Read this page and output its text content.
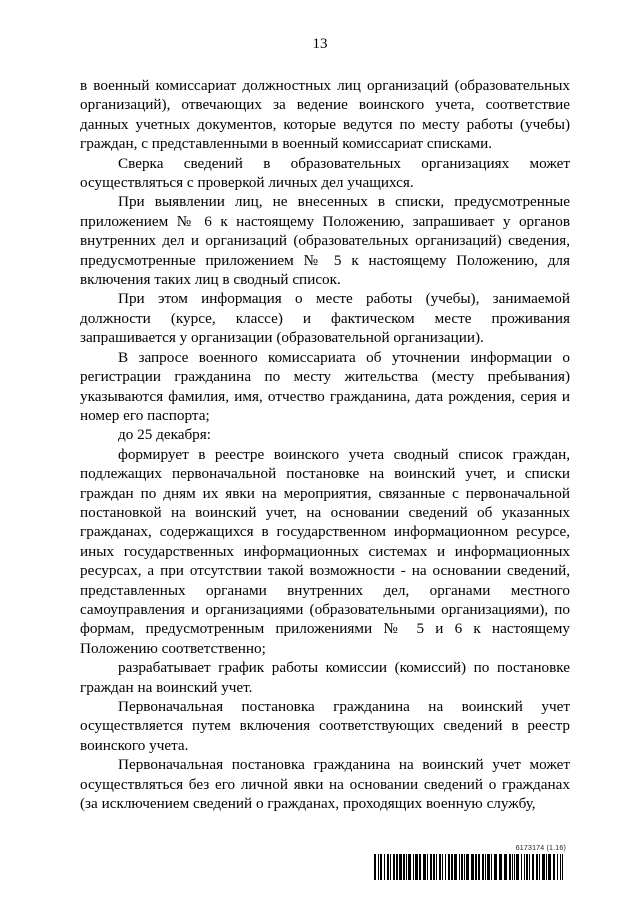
13

в военный комиссариат должностных лиц организаций (образовательных организаций), отвечающих за ведение воинского учета, соответствие данных учетных документов, которые ведутся по месту работы (учебы) граждан, с представленными в военный комиссариат списками.

Сверка сведений в образовательных организациях может осуществляться с проверкой личных дел учащихся.

При выявлении лиц, не внесенных в списки, предусмотренные приложением № 6 к настоящему Положению, запрашивает у органов внутренних дел и организаций (образовательных организаций) сведения, предусмотренные приложением № 5 к настоящему Положению, для включения таких лиц в сводный список.

При этом информация о месте работы (учебы), занимаемой должности (курсе, классе) и фактическом месте проживания запрашивается у организации (образовательной организации).

В запросе военного комиссариата об уточнении информации о регистрации гражданина по месту жительства (месту пребывания) указываются фамилия, имя, отчество гражданина, дата рождения, серия и номер его паспорта;

до 25 декабря:

формирует в реестре воинского учета сводный список граждан, подлежащих первоначальной постановке на воинский учет, и списки граждан по дням их явки на мероприятия, связанные с первоначальной постановкой на воинский учет, на основании сведений об указанных гражданах, содержащихся в государственном информационном ресурсе, иных государственных информационных системах и информационных ресурсах, а при отсутствии такой возможности - на основании сведений, представленных органами внутренних дел, органами местного самоуправления и организациями (образовательными организациями), по формам, предусмотренным приложениями № 5 и 6 к настоящему Положению соответственно;

разрабатывает график работы комиссии (комиссий) по постановке граждан на воинский учет.

Первоначальная постановка гражданина на воинский учет осуществляется путем включения соответствующих сведений в реестр воинского учета.

Первоначальная постановка гражданина на воинский учет может осуществляться без его личной явки на основании сведений о гражданах (за исключением сведений о гражданах, проходящих военную службу,

6173174 (1.16)
